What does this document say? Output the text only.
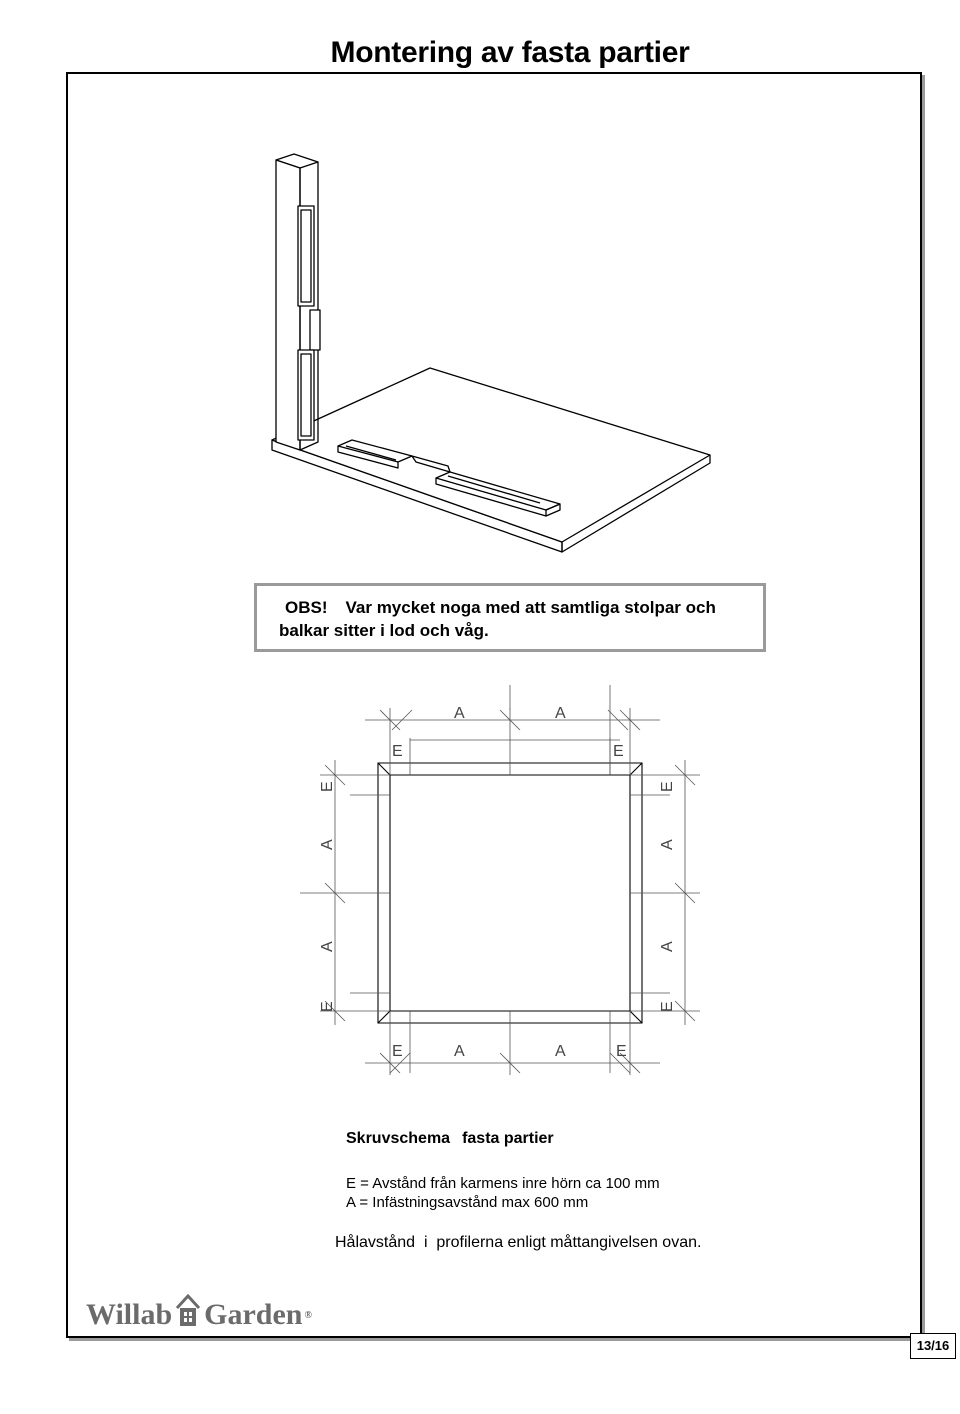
Montering av fasta partier
OBS! Var mycket noga med att samtliga stolpar och
balkar sitter i lod och våg.
A	A
E	E
A	A
E	E
A
A
E
E
A
A
E
E
Skruvschema fasta partier
E = Avstånd från karmens inre hörn ca 100 mm
A = Infästningsavstånd max 600 mm
Hålavstånd  i  profilerna enligt måttangivelsen ovan.
Willab Garden ®
13/16
